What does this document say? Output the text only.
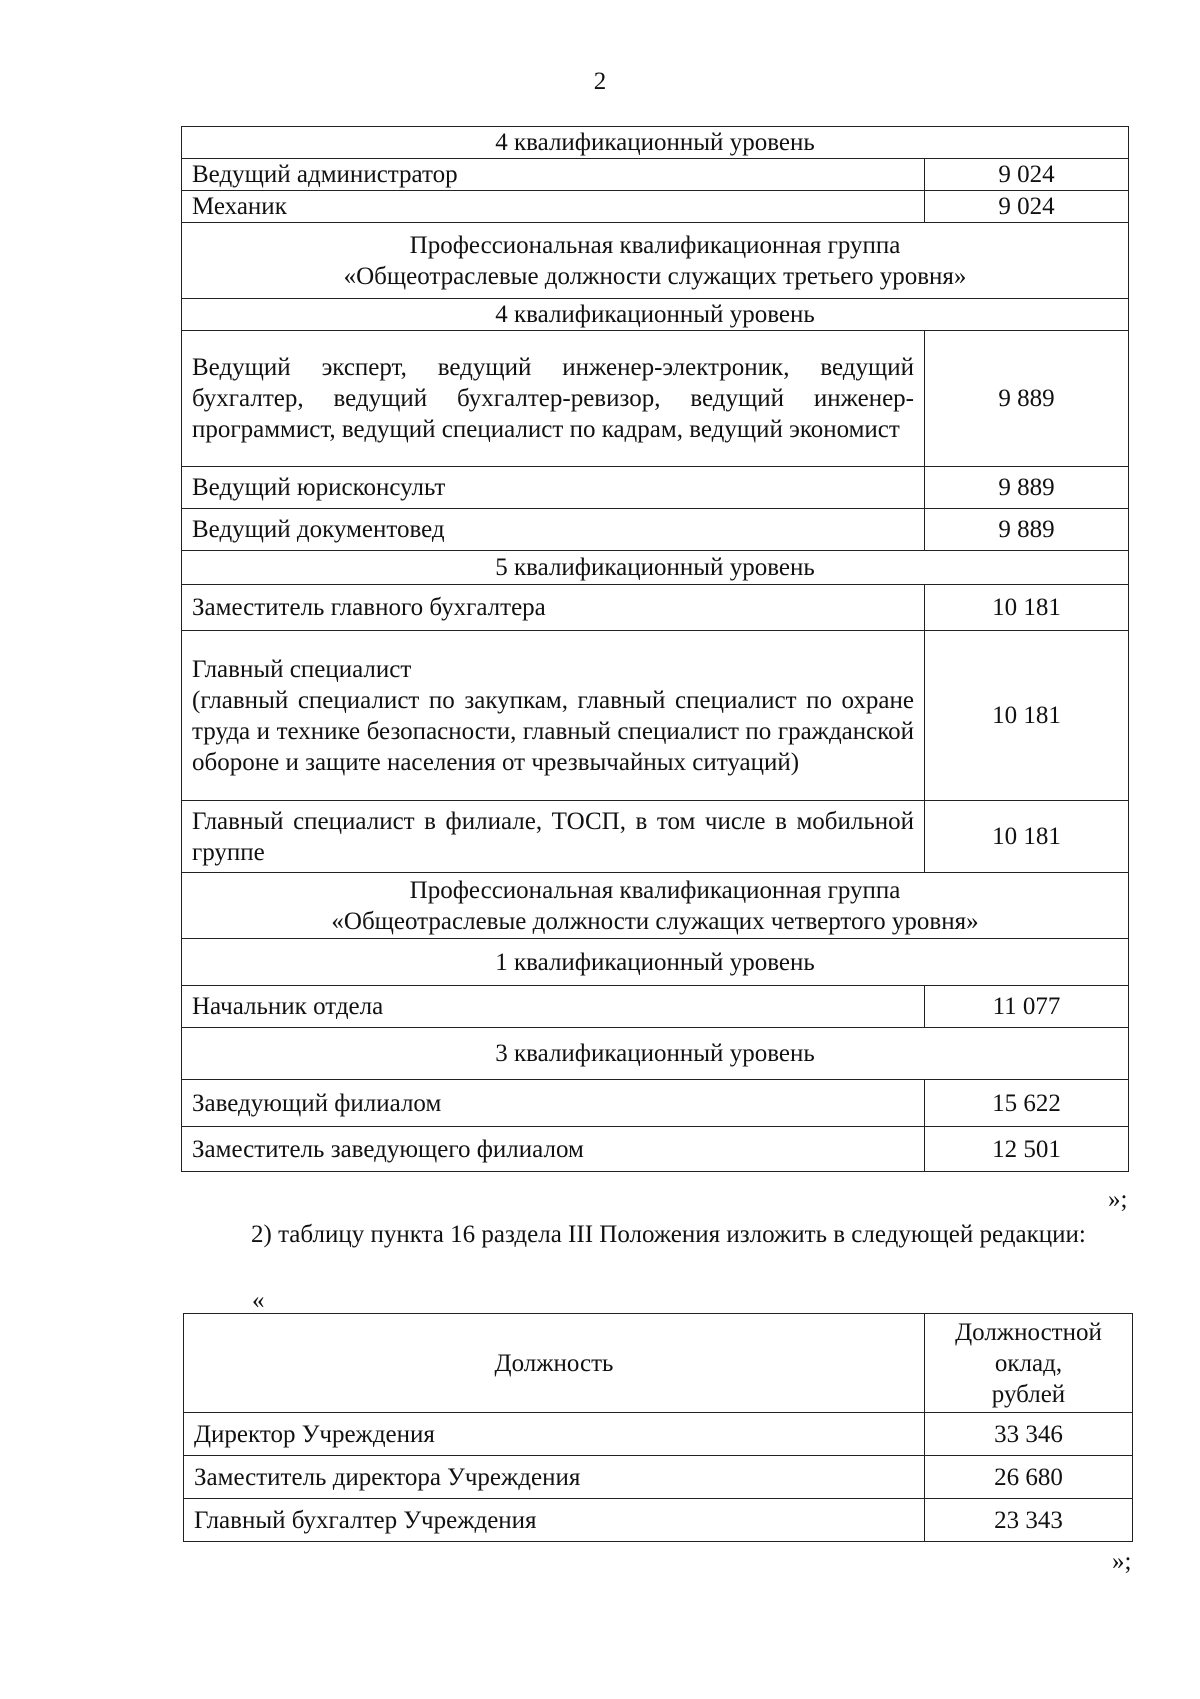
2
4 квалификационный уровень	
Ведущий администратор	9 024
Механик	9 024

Профессиональная квалификационная группа
«Общеотраслевые должности служащих третьего уровня»	

4 квалификационный уровень	
Ведущий эксперт, ведущий инженер-электроник, ведущий бухгалтер, ведущий бухгалтер-ревизор, ведущий инженер-программист, ведущий специалист по кадрам, ведущий экономист	9 889
Ведущий юрисконсульт	9 889
Ведущий документовед	9 889
5 квалификационный уровень	
Заместитель главного бухгалтера	10 181

Главный специалист
(главный специалист по закупкам, главный специалист по охране труда и технике безопасности, главный специалист по гражданской обороне и защите населения от чрезвычайных ситуаций)	10 181
Главный специалист в филиале, ТОСП, в том числе в мобильной группе	10 181

Профессиональная квалификационная группа
«Общеотраслевые должности служащих четвертого уровня»	

1 квалификационный уровень	
Начальник отдела	11 077
3 квалификационный уровень	
Заведующий филиалом	15 622
Заместитель заведующего филиалом	12 501
»;

2) таблицу пункта 16 раздела III Положения изложить в следующей редакции:

«
Должность	Должностной
оклад,
рублей

Директор Учреждения	33 346
Заместитель директора Учреждения	26 680
Главный бухгалтер Учреждения	23 343
»;
